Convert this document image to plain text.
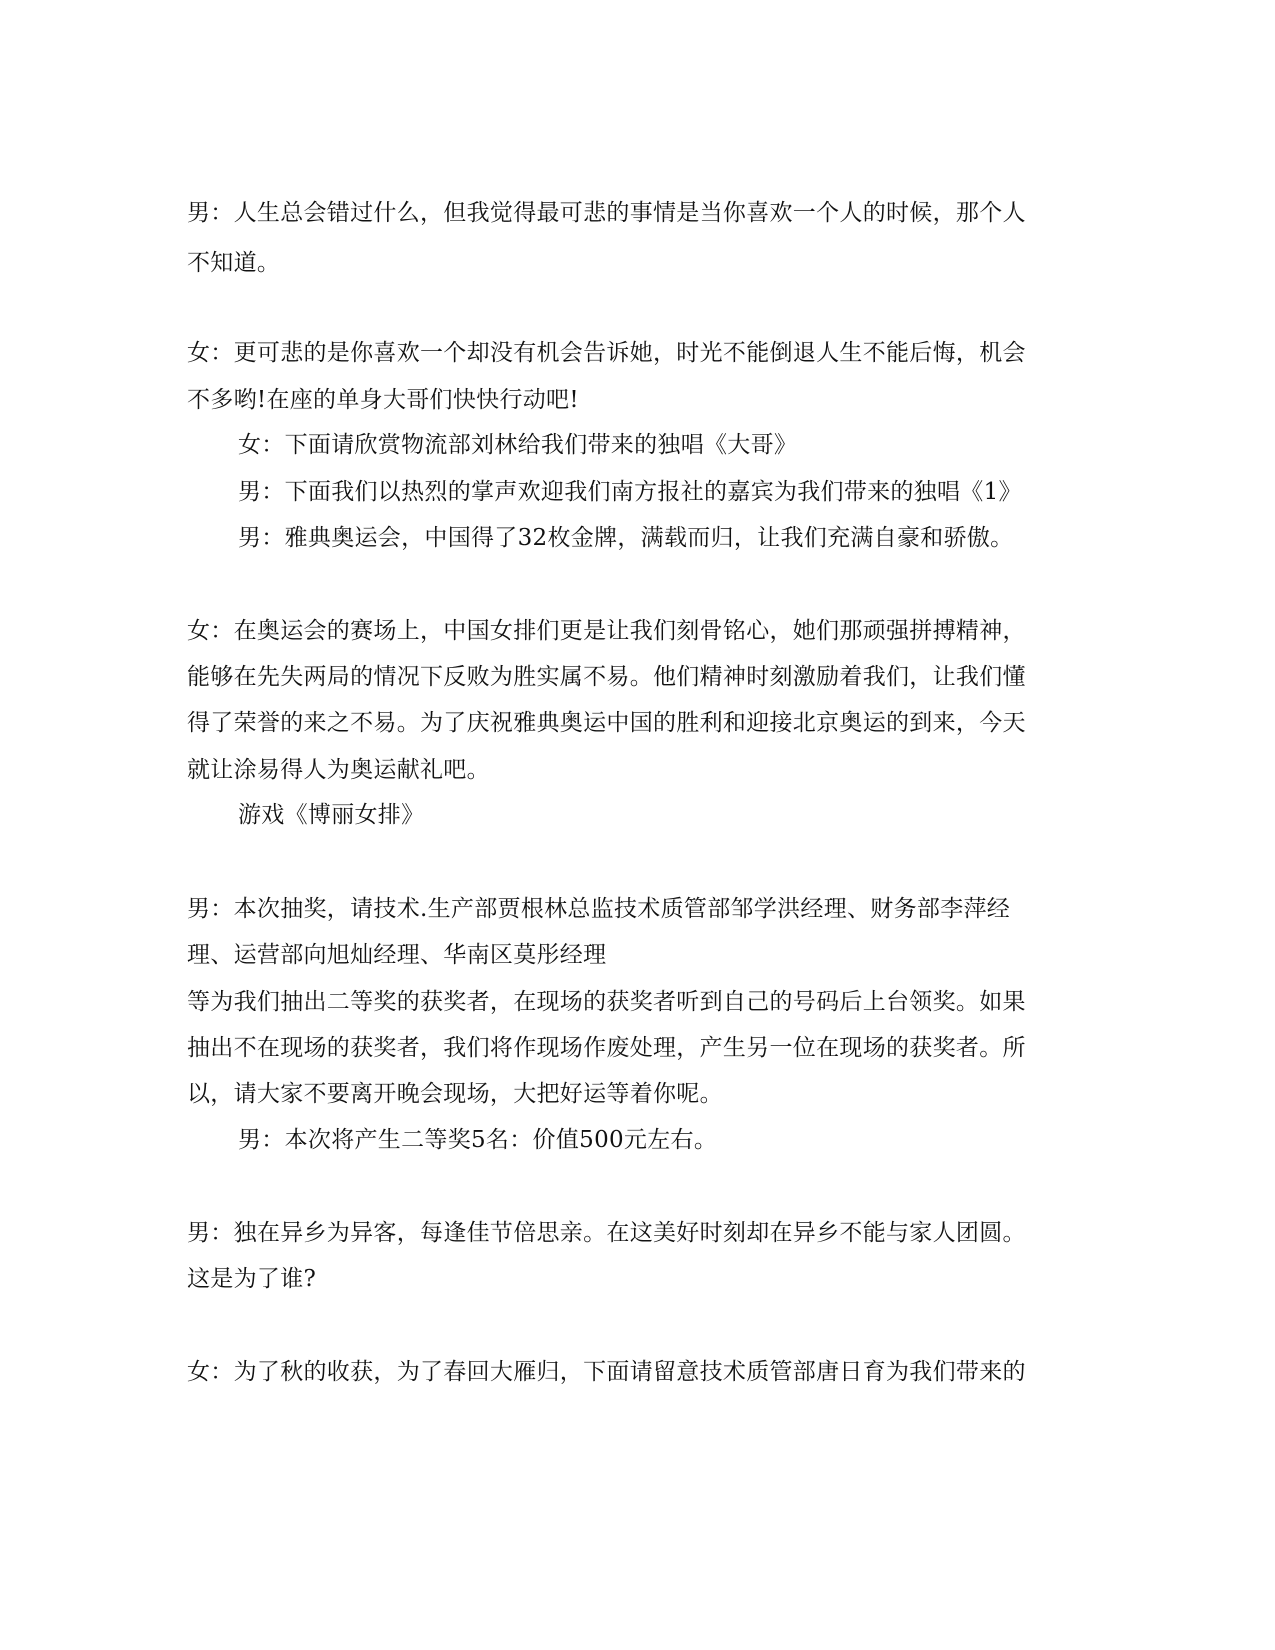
男：人生总会错过什么，但我觉得最可悲的事情是当你喜欢一个人的时候，那个人
不知道。
女：更可悲的是你喜欢一个却没有机会告诉她，时光不能倒退人生不能后悔，机会
不多哟!在座的单身大哥们快快行动吧!
女：下面请欣赏物流部刘林给我们带来的独唱《大哥》
男：下面我们以热烈的掌声欢迎我们南方报社的嘉宾为我们带来的独唱《1》
男：雅典奥运会，中国得了32枚金牌，满载而归，让我们充满自豪和骄傲。
女：在奥运会的赛场上，中国女排们更是让我们刻骨铭心，她们那顽强拼搏精神，
能够在先失两局的情况下反败为胜实属不易。他们精神时刻激励着我们，让我们懂
得了荣誉的来之不易。为了庆祝雅典奥运中国的胜利和迎接北京奥运的到来，今天
就让涂易得人为奥运献礼吧。
游戏《博丽女排》
男：本次抽奖，请技术.生产部贾根林总监技术质管部邹学洪经理、财务部李萍经
理、运营部向旭灿经理、华南区莫彤经理
等为我们抽出二等奖的获奖者，在现场的获奖者听到自己的号码后上台领奖。如果
抽出不在现场的获奖者，我们将作现场作废处理，产生另一位在现场的获奖者。所
以，请大家不要离开晚会现场，大把好运等着你呢。
男：本次将产生二等奖5名：价值500元左右。
男：独在异乡为异客，每逢佳节倍思亲。在这美好时刻却在异乡不能与家人团圆。
这是为了谁?
女：为了秋的收获，为了春回大雁归，下面请留意技术质管部唐日育为我们带来的
